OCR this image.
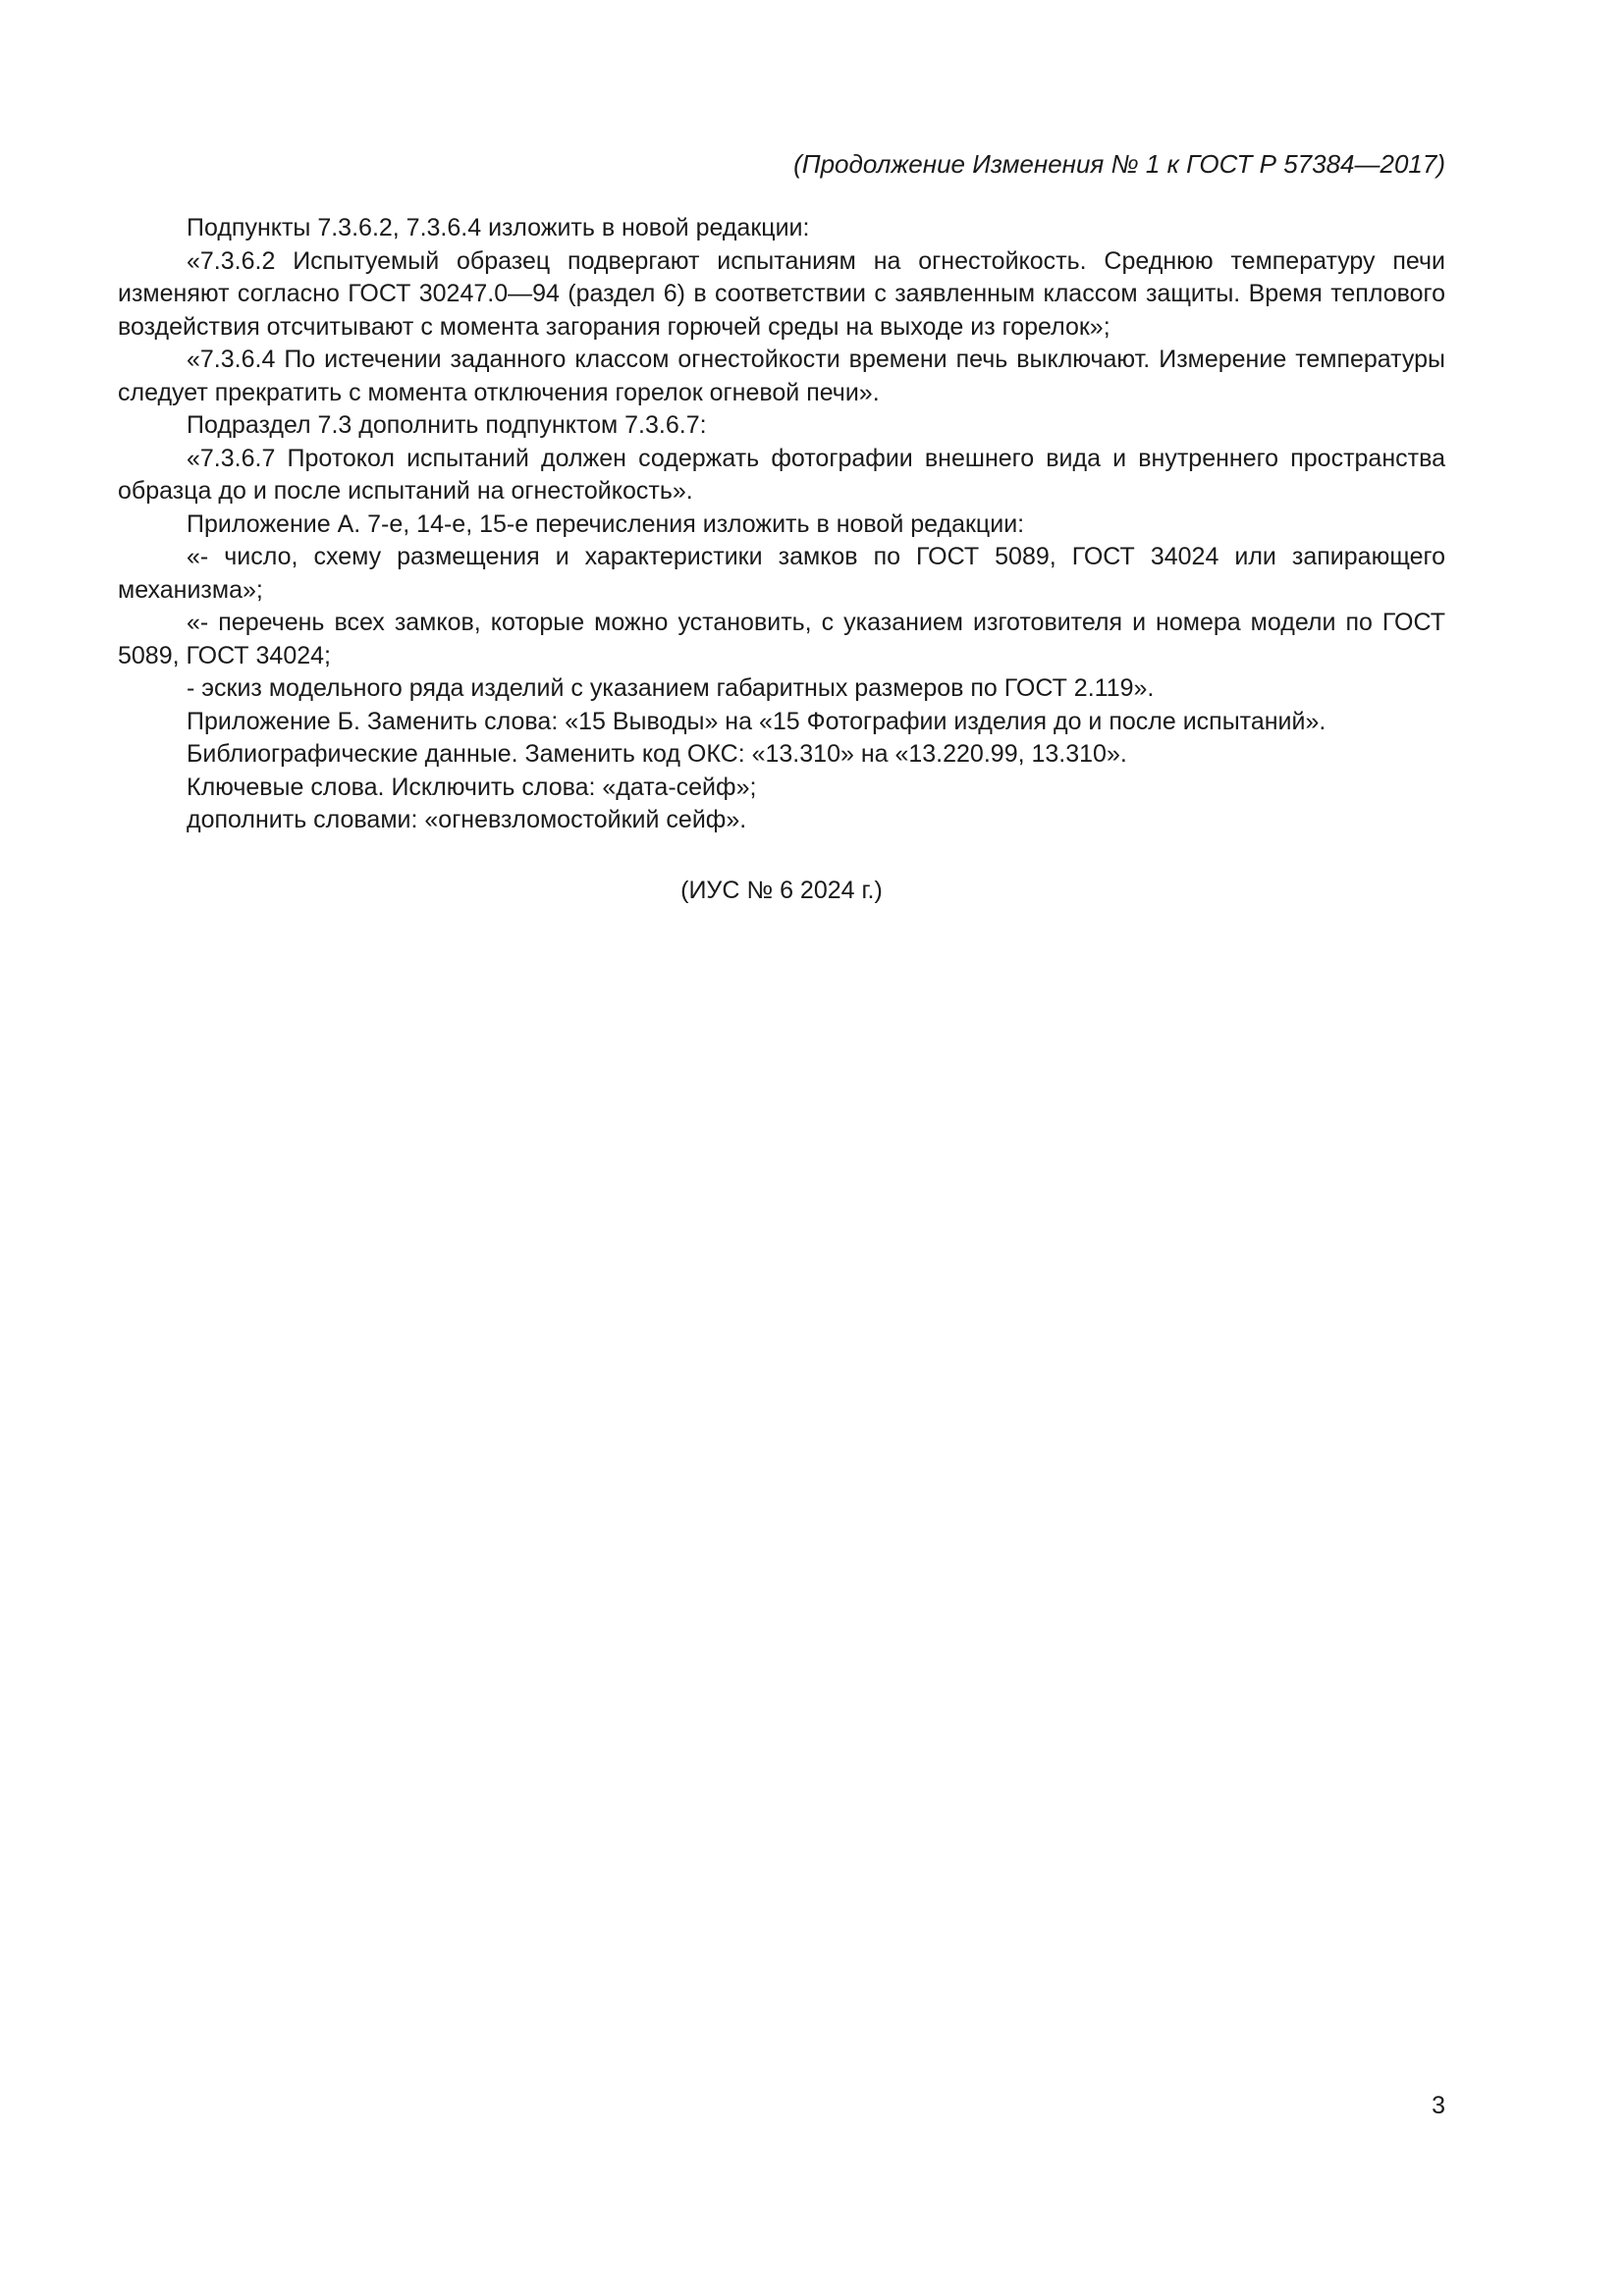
(Продолжение Изменения № 1 к ГОСТ Р 57384—2017)

Подпункты 7.3.6.2, 7.3.6.4 изложить в новой редакции:

«7.3.6.2 Испытуемый образец подвергают испытаниям на огнестойкость. Среднюю температуру печи изменяют согласно ГОСТ 30247.0—94 (раздел 6) в соответствии с заявленным классом защиты. Время теплового воздействия отсчитывают с момента загорания горючей среды на выходе из горелок»;

«7.3.6.4 По истечении заданного классом огнестойкости времени печь выключают. Измерение температуры следует прекратить с момента отключения горелок огневой печи».

Подраздел 7.3 дополнить подпунктом 7.3.6.7:

«7.3.6.7 Протокол испытаний должен содержать фотографии внешнего вида и внутреннего пространства образца до и после испытаний на огнестойкость».

Приложение А. 7-е, 14-е, 15-е перечисления изложить в новой редакции:

«- число, схему размещения и характеристики замков по ГОСТ 5089, ГОСТ 34024 или запирающего механизма»;

«- перечень всех замков, которые можно установить, с указанием изготовителя и номера модели по ГОСТ 5089, ГОСТ 34024;

- эскиз модельного ряда изделий с указанием габаритных размеров по ГОСТ 2.119».

Приложение Б. Заменить слова: «15 Выводы» на «15 Фотографии изделия до и после испытаний».

Библиографические данные. Заменить код ОКС: «13.310» на «13.220.99, 13.310».

Ключевые слова. Исключить слова: «дата-сейф»;

дополнить словами: «огневзломостойкий сейф».

(ИУС № 6 2024 г.)
3
